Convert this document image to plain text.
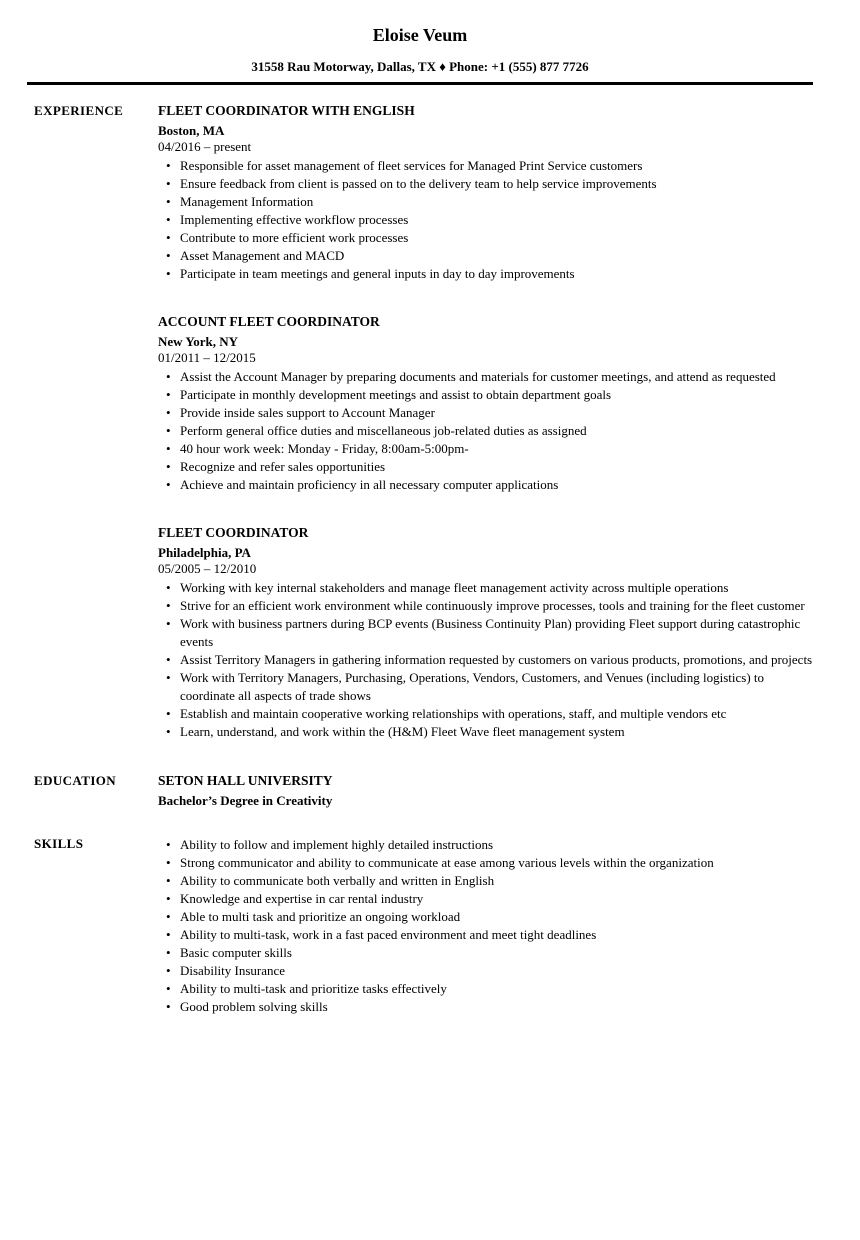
Eloise Veum
31558 Rau Motorway, Dallas, TX ♦ Phone: +1 (555) 877 7726
EXPERIENCE	FLEET COORDINATOR WITH ENGLISH
Boston, MA
04/2016 – present
• Responsible for asset management of fleet services for Managed Print Service customers
• Ensure feedback from client is passed on to the delivery team to help service improvements
• Management Information
• Implementing effective workflow processes
• Contribute to more efficient work processes
• Asset Management and MACD
• Participate in team meetings and general inputs in day to day improvements
ACCOUNT FLEET COORDINATOR
New York, NY
01/2011 – 12/2015
• Assist the Account Manager by preparing documents and materials for customer meetings, and attend as requested
• Participate in monthly development meetings and assist to obtain department goals
• Provide inside sales support to Account Manager
• Perform general office duties and miscellaneous job-related duties as assigned
• 40 hour work week: Monday - Friday, 8:00am-5:00pm-
• Recognize and refer sales opportunities
• Achieve and maintain proficiency in all necessary computer applications
FLEET COORDINATOR
Philadelphia, PA
05/2005 – 12/2010
• Working with key internal stakeholders and manage fleet management activity across multiple operations
• Strive for an efficient work environment while continuously improve processes, tools and training for the fleet customer
• Work with business partners during BCP events (Business Continuity Plan) providing Fleet support during catastrophic events
• Assist Territory Managers in gathering information requested by customers on various products, promotions, and projects
• Work with Territory Managers, Purchasing, Operations, Vendors, Customers, and Venues (including logistics) to coordinate all aspects of trade shows
• Establish and maintain cooperative working relationships with operations, staff, and multiple vendors etc
• Learn, understand, and work within the (H&M) Fleet Wave fleet management system
EDUCATION	SETON HALL UNIVERSITY
Bachelor’s Degree in Creativity
SKILLS	• Ability to follow and implement highly detailed instructions
• Strong communicator and ability to communicate at ease among various levels within the organization
• Ability to communicate both verbally and written in English
• Knowledge and expertise in car rental industry
• Able to multi task and prioritize an ongoing workload
• Ability to multi-task, work in a fast paced environment and meet tight deadlines
• Basic computer skills
• Disability Insurance
• Ability to multi-task and prioritize tasks effectively
• Good problem solving skills
